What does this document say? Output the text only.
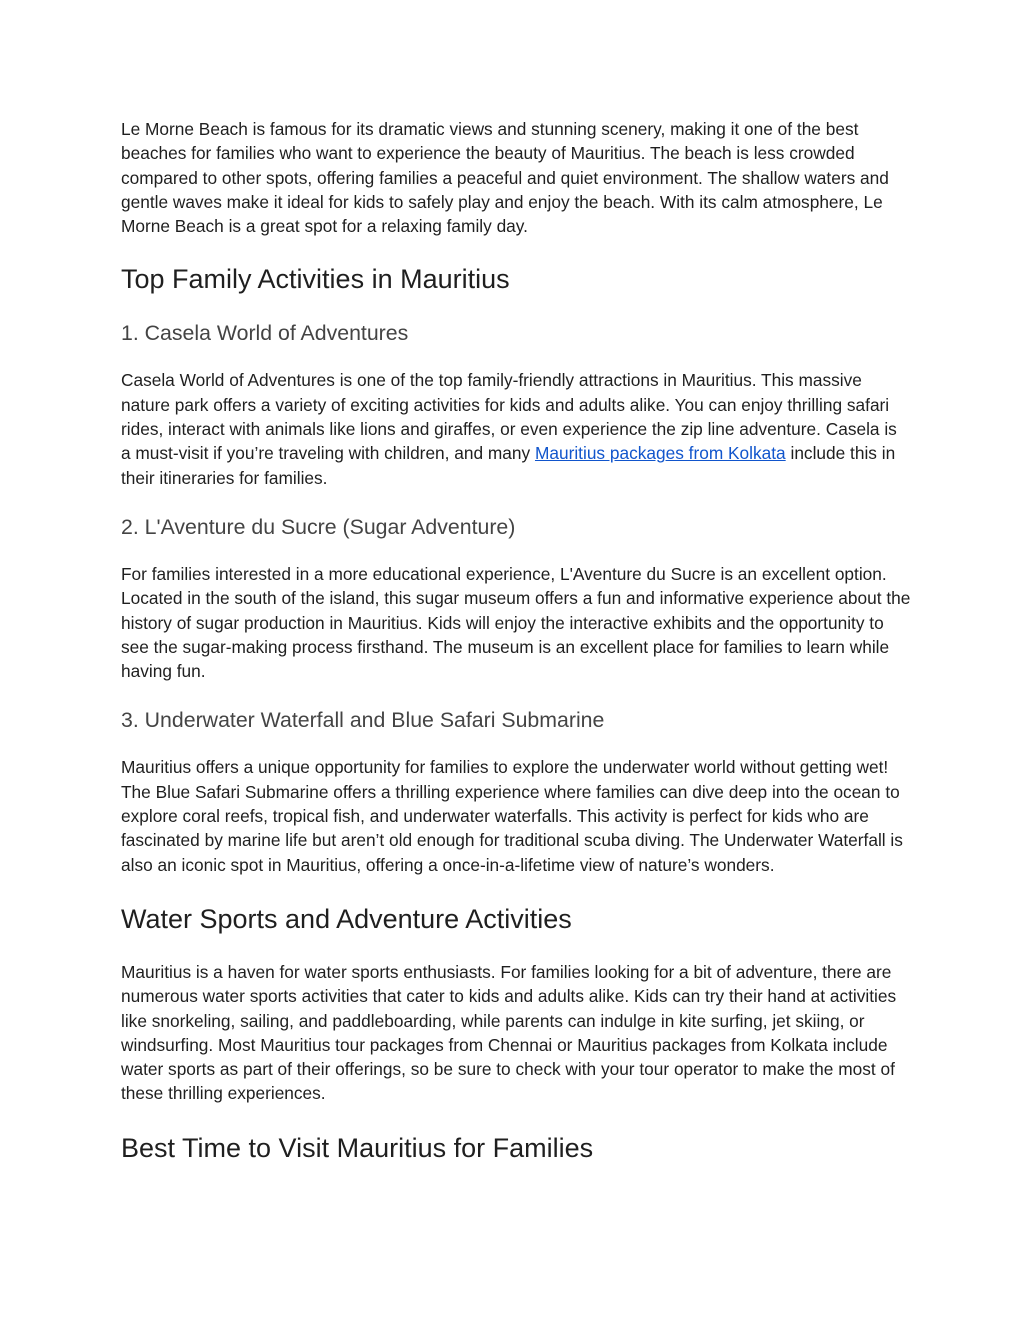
Le Morne Beach is famous for its dramatic views and stunning scenery, making it one of the best beaches for families who want to experience the beauty of Mauritius. The beach is less crowded compared to other spots, offering families a peaceful and quiet environment. The shallow waters and gentle waves make it ideal for kids to safely play and enjoy the beach. With its calm atmosphere, Le Morne Beach is a great spot for a relaxing family day.

Top Family Activities in Mauritius
1. Casela World of Adventures

Casela World of Adventures is one of the top family-friendly attractions in Mauritius. This massive nature park offers a variety of exciting activities for kids and adults alike. You can enjoy thrilling safari rides, interact with animals like lions and giraffes, or even experience the zip line adventure. Casela is a must-visit if you’re traveling with children, and many Mauritius packages from Kolkata include this in their itineraries for families.

2. L'Aventure du Sucre (Sugar Adventure)

For families interested in a more educational experience, L'Aventure du Sucre is an excellent option. Located in the south of the island, this sugar museum offers a fun and informative experience about the history of sugar production in Mauritius. Kids will enjoy the interactive exhibits and the opportunity to see the sugar-making process firsthand. The museum is an excellent place for families to learn while having fun.

3. Underwater Waterfall and Blue Safari Submarine

Mauritius offers a unique opportunity for families to explore the underwater world without getting wet! The Blue Safari Submarine offers a thrilling experience where families can dive deep into the ocean to explore coral reefs, tropical fish, and underwater waterfalls. This activity is perfect for kids who are fascinated by marine life but aren’t old enough for traditional scuba diving. The Underwater Waterfall is also an iconic spot in Mauritius, offering a once-in-a-lifetime view of nature’s wonders.

Water Sports and Adventure Activities

Mauritius is a haven for water sports enthusiasts. For families looking for a bit of adventure, there are numerous water sports activities that cater to kids and adults alike. Kids can try their hand at activities like snorkeling, sailing, and paddleboarding, while parents can indulge in kite surfing, jet skiing, or windsurfing. Most Mauritius tour packages from Chennai or Mauritius packages from Kolkata include water sports as part of their offerings, so be sure to check with your tour operator to make the most of these thrilling experiences.

Best Time to Visit Mauritius for Families
